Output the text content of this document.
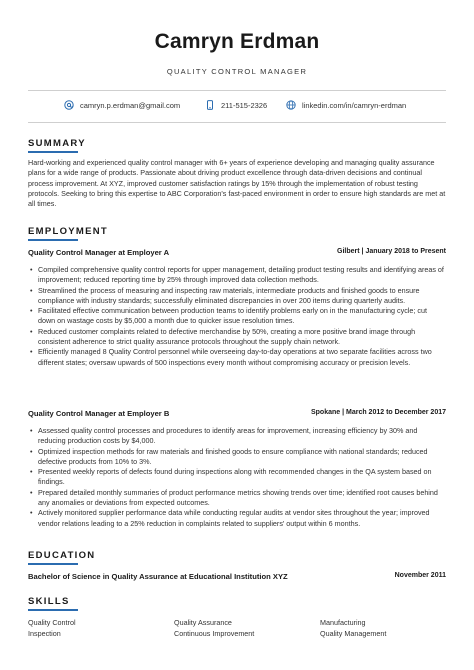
Camryn Erdman
QUALITY CONTROL MANAGER
camryn.p.erdman@gmail.com	211-515-2326	linkedin.com/in/camryn-erdman
SUMMARY
Hard-working and experienced quality control manager with 6+ years of experience developing and managing quality assurance plans for a wide range of products. Passionate about driving product excellence through data-driven decisions and continual process improvement. At XYZ, improved customer satisfaction ratings by 15% through the implementation of robust testing protocols. Seeking to bring this expertise to ABC Corporation's fast-paced environment in order to ensure high standards are met at all times.
EMPLOYMENT
Quality Control Manager at Employer A	Gilbert | January 2018 to Present
• Compiled comprehensive quality control reports for upper management, detailing product testing results and identifying areas of improvement; reduced reporting time by 25% through improved data collection methods.
• Streamlined the process of measuring and inspecting raw materials, intermediate products and finished goods to ensure compliance with industry standards; successfully eliminated discrepancies in over 200 items during quarterly audits.
• Facilitated effective communication between production teams to identify problems early on in the manufacturing cycle; cut down on wastage costs by $5,000 a month due to quicker issue resolution times.
• Reduced customer complaints related to defective merchandise by 50%, creating a more positive brand image through consistent adherence to strict quality assurance protocols throughout the supply chain network.
• Efficiently managed 8 Quality Control personnel while overseeing day-to-day operations at two separate facilities across two different states; oversaw upwards of 500 inspections every month without compromising accuracy or precision levels.
Quality Control Manager at Employer B	Spokane | March 2012 to December 2017
• Assessed quality control processes and procedures to identify areas for improvement, increasing efficiency by 30% and reducing production costs by $4,000.
• Optimized inspection methods for raw materials and finished goods to ensure compliance with national standards; reduced defective products from 10% to 3%.
• Presented weekly reports of defects found during inspections along with recommended changes in the QA system based on findings.
• Prepared detailed monthly summaries of product performance metrics showing trends over time; identified root causes behind any anomalies or deviations from expected outcomes.
• Actively monitored supplier performance data while conducting regular audits at vendor sites throughout the year; improved vendor relations leading to a 25% reduction in complaints related to suppliers' output within 6 months.
EDUCATION
Bachelor of Science in Quality Assurance at Educational Institution XYZ	November 2011
SKILLS
Quality Control	Quality Assurance	Manufacturing
Inspection	Continuous Improvement	Quality Management
